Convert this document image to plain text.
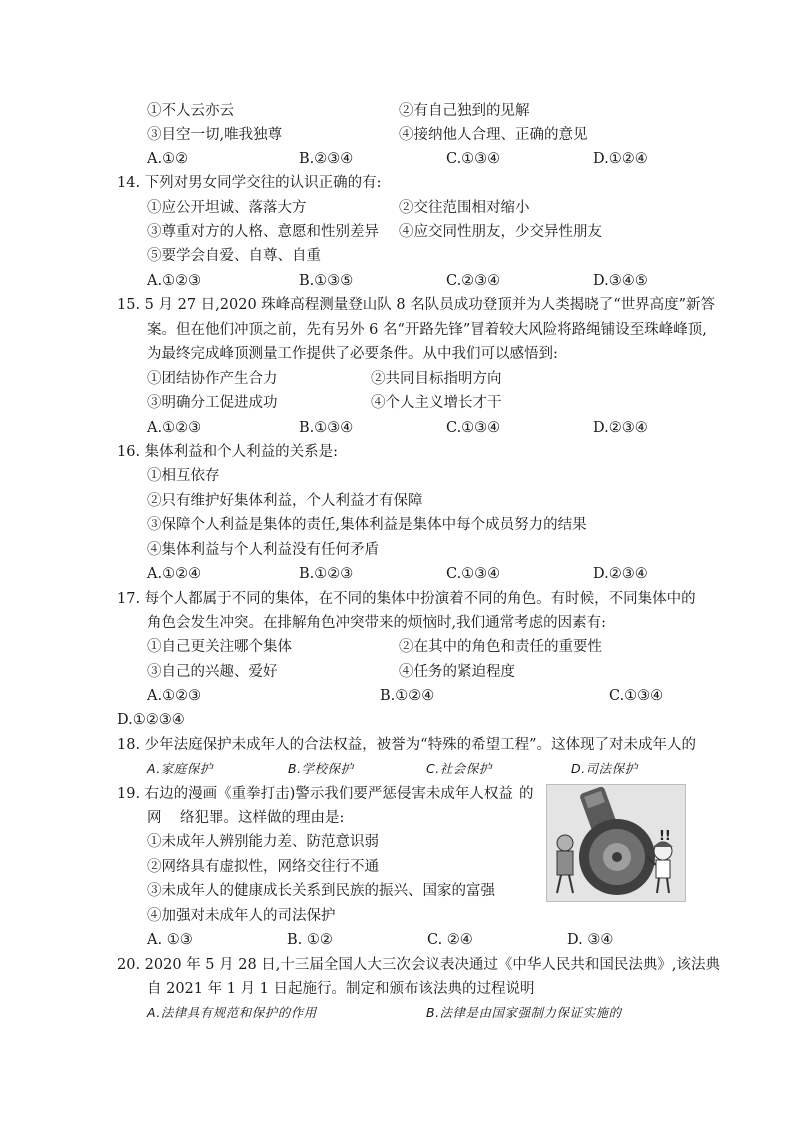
①不人云亦云	②有自己独到的见解
③目空一切,唯我独尊	④接纳他人合理、正确的意见
A.①②	B.②③④	C.①③④	D.①②④
14. 下列对男女同学交往的认识正确的有:
①应公开坦诚、落落大方	②交往范围相对缩小
③尊重对方的人格、意愿和性别差异 ④应交同性朋友，少交异性朋友
⑤要学会自爱、自尊、自重
A.①②③	B.①③⑤	C.②③④	D.③④⑤
15. 5 月 27 日,2020 珠峰高程测量登山队 8 名队员成功登顶并为人类揭晓了“世界高度”新答
案。但在他们冲顶之前，先有另外 6 名“开路先锋”冒着较大风险将路绳铺设至珠峰峰顶,
为最终完成峰顶测量工作提供了必要条件。从中我们可以感悟到:
①团结协作产生合力	②共同目标指明方向
③明确分工促进成功	④个人主义增长才干
A.①②③	B.①③④	C.①③④	D.②③④
16. 集体利益和个人利益的关系是:
①相互依存
②只有维护好集体利益，个人利益才有保障
③保障个人利益是集体的责任,集体利益是集体中每个成员努力的结果
④集体利益与个人利益没有任何矛盾
A.①②④	B.①②③	C.①③④	D.②③④
17. 每个人都属于不同的集体，在不同的集体中扮演着不同的角色。有时候，不同集体中的
角色会发生冲突。在排解角色冲突带来的烦恼时,我们通常考虑的因素有:
①自己更关注哪个集体	②在其中的角色和责任的重要性
③自己的兴趣、爱好	④任务的紧迫程度
A.①②③	B.①②④	C.①③④
D.①②③④
18. 少年法庭保护未成年人的合法权益，被誉为“特殊的希望工程”。这体现了对未成年人的
A.家庭保护	B.学校保护	C.社会保护	D.司法保护
19. 右边的漫画《重拳打击)警示我们要严惩侵害未成年人权益 的
网 络犯罪。这样做的理由是:
①未成年人辨别能力差、防范意识弱
②网络具有虚拟性，网络交往行不通
③未成年人的健康成长关系到民族的振兴、国家的富强
④加强对未成年人的司法保护
A. ①③	B. ①②	C. ②④	D. ③④
!!
20. 2020 年 5 月 28 日,十三届全国人大三次会议表决通过《中华人民共和国民法典》,该法典
自 2021 年 1 月 1 日起施行。制定和颁布该法典的过程说明
A.法律具有规范和保护的作用	B.法律是由国家强制力保证实施的
